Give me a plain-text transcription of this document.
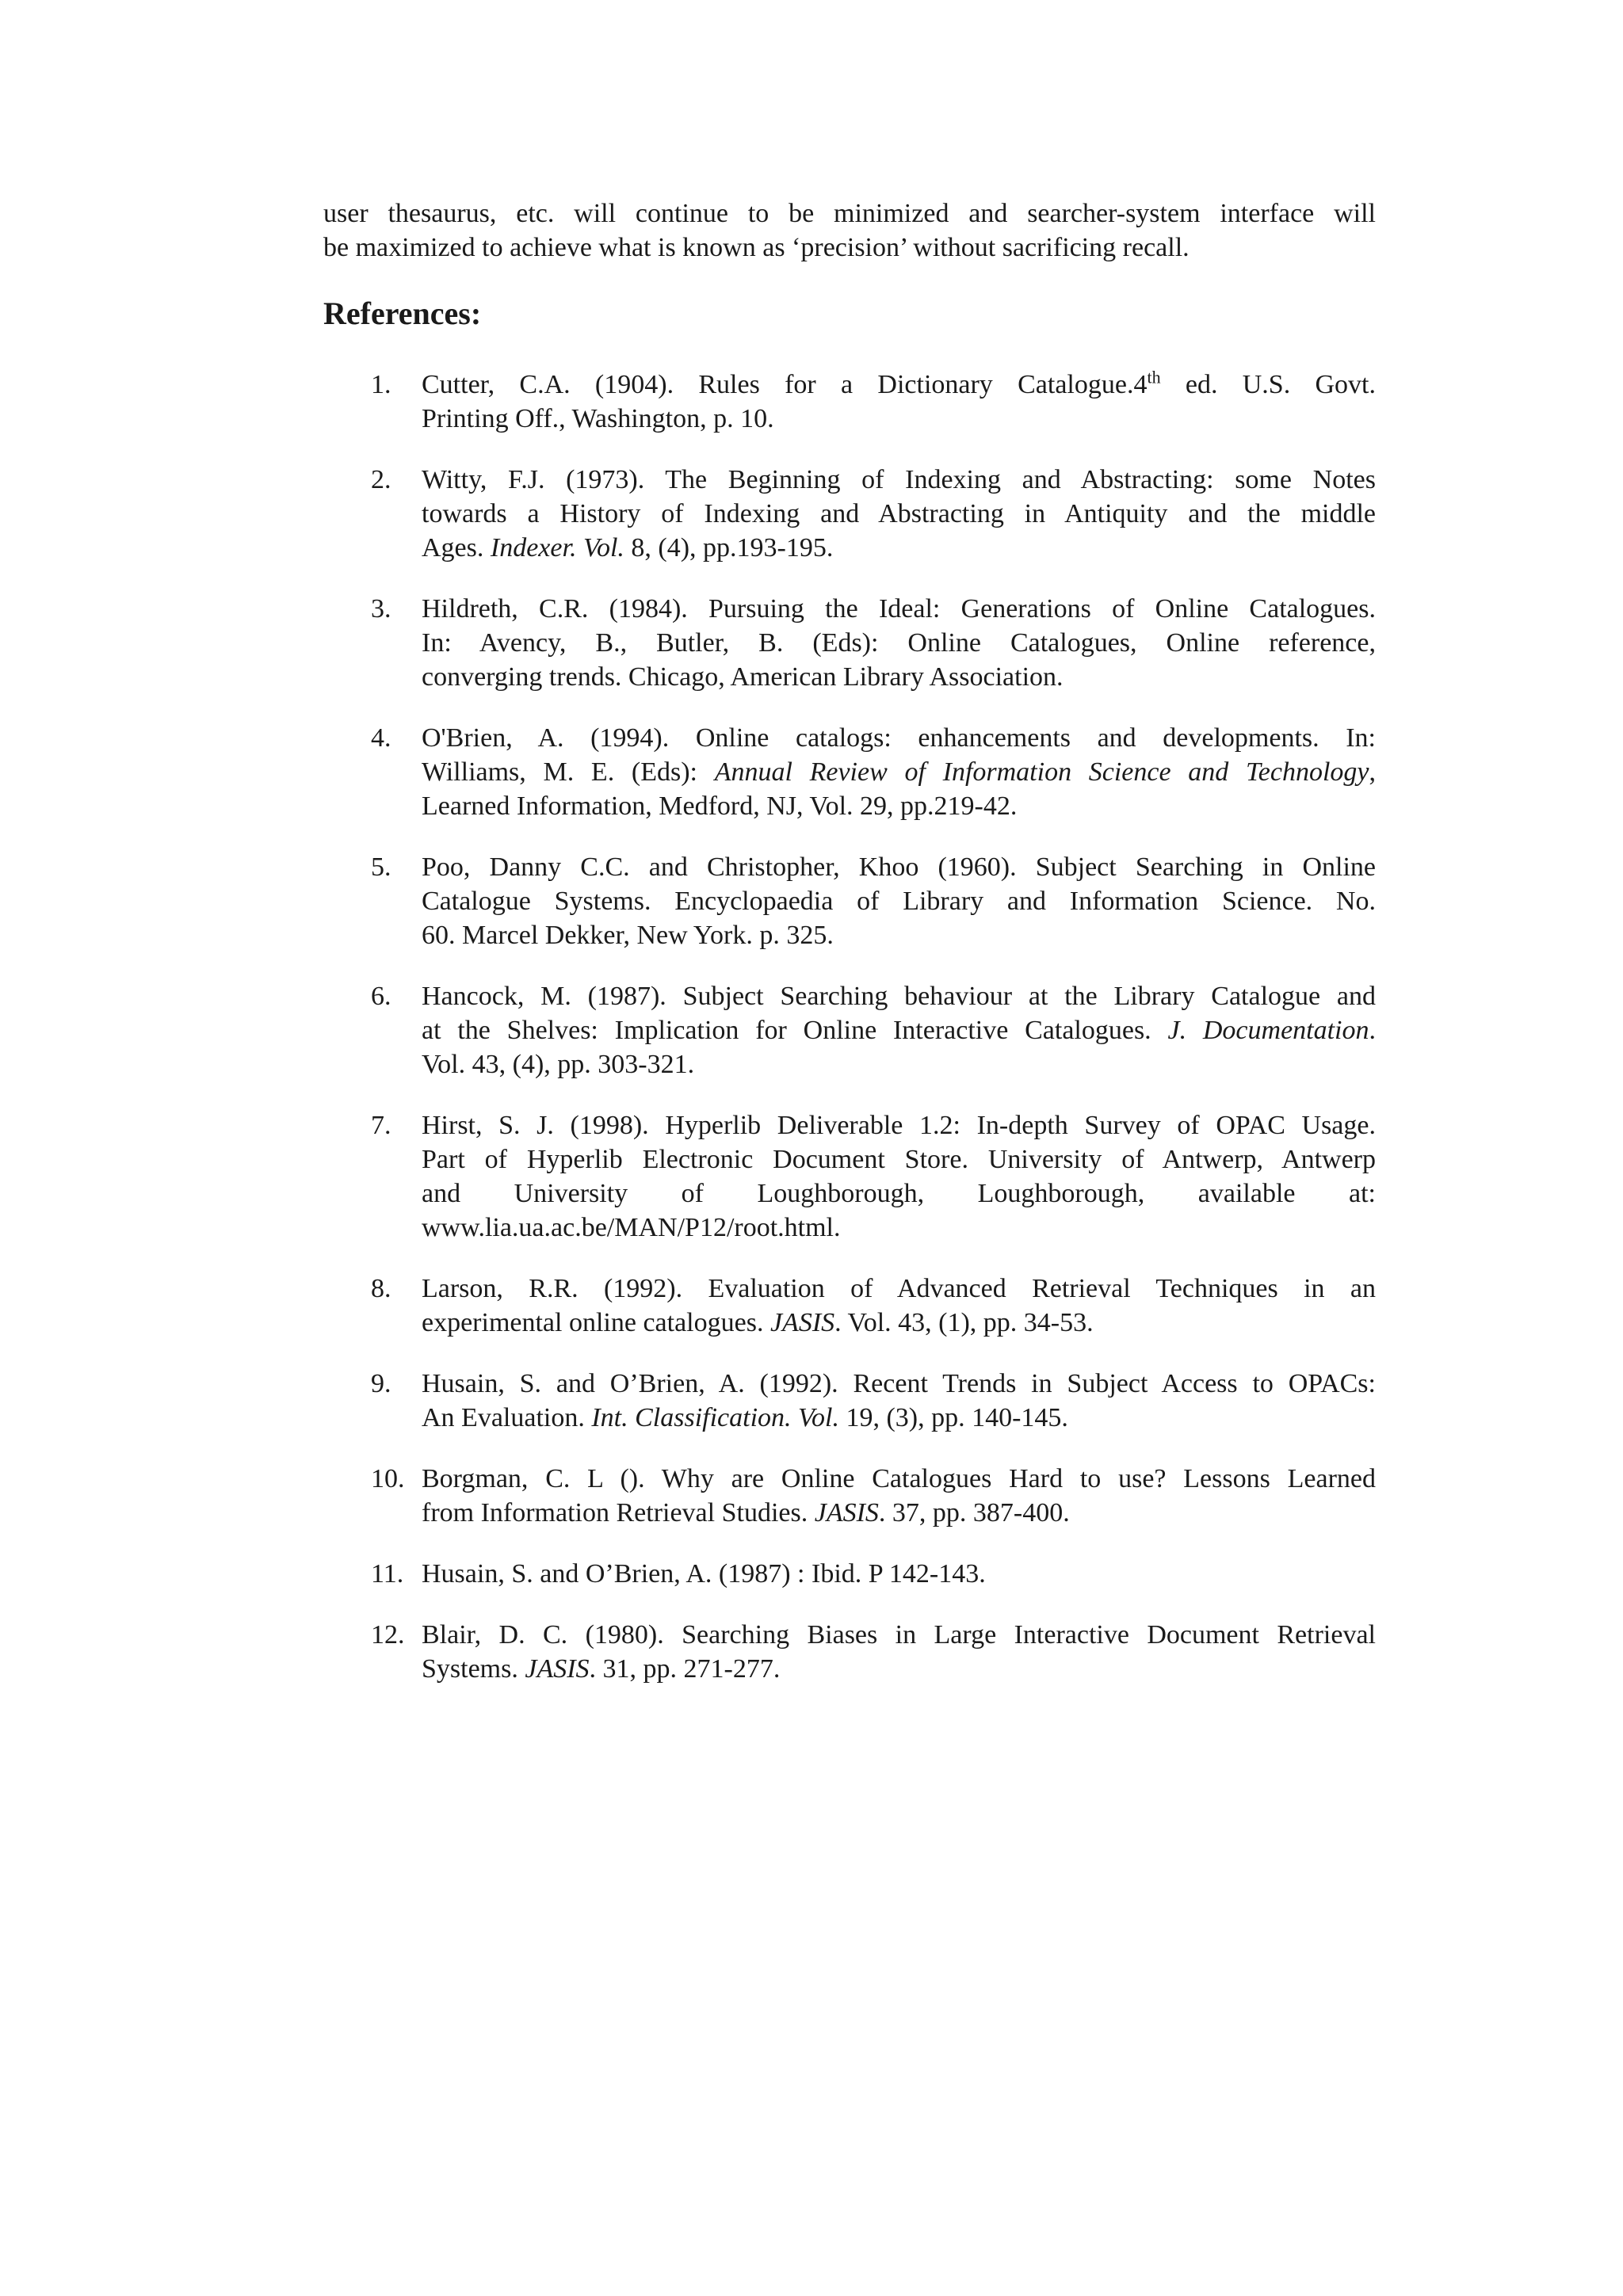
user thesaurus, etc. will continue to be minimized and searcher-system interface will
be maximized to achieve what is known as ‘precision’ without sacrificing recall.

References:
1. Cutter, C.A. (1904). Rules for a Dictionary Catalogue.4th ed. U.S. Govt.
Printing Off., Washington, p. 10.
2. Witty, F.J. (1973). The Beginning of Indexing and Abstracting: some Notes
towards a History of Indexing and Abstracting in Antiquity and the middle
Ages. Indexer. Vol. 8, (4), pp.193-195.
3. Hildreth, C.R. (1984). Pursuing the Ideal: Generations of Online Catalogues.
In: Avency, B., Butler, B. (Eds): Online Catalogues, Online reference,
converging trends. Chicago, American Library Association.
4. O'Brien, A. (1994). Online catalogs: enhancements and developments. In:
Williams, M. E. (Eds): Annual Review of Information Science and Technology,
Learned Information, Medford, NJ, Vol. 29, pp.219-42.
5. Poo, Danny C.C. and Christopher, Khoo (1960). Subject Searching in Online
Catalogue Systems. Encyclopaedia of Library and Information Science. No.
60. Marcel Dekker, New York. p. 325.
6. Hancock, M. (1987). Subject Searching behaviour at the Library Catalogue and
at the Shelves: Implication for Online Interactive Catalogues. J. Documentation.
Vol. 43, (4), pp. 303-321.
7. Hirst, S. J. (1998). Hyperlib Deliverable 1.2: In-depth Survey of OPAC Usage.
Part of Hyperlib Electronic Document Store. University of Antwerp, Antwerp
and University of Loughborough, Loughborough, available at:
www.lia.ua.ac.be/MAN/P12/root.html.
8. Larson, R.R. (1992). Evaluation of Advanced Retrieval Techniques in an
experimental online catalogues. JASIS. Vol. 43, (1), pp. 34-53.
9. Husain, S. and O’Brien, A. (1992). Recent Trends in Subject Access to OPACs:
An Evaluation. Int. Classification. Vol. 19, (3), pp. 140-145.
10. Borgman, C. L (). Why are Online Catalogues Hard to use? Lessons Learned
from Information Retrieval Studies. JASIS. 37, pp. 387-400.
11. Husain, S. and O’Brien, A. (1987) : Ibid. P 142-143.
12. Blair, D. C. (1980). Searching Biases in Large Interactive Document Retrieval
Systems. JASIS. 31, pp. 271-277.
